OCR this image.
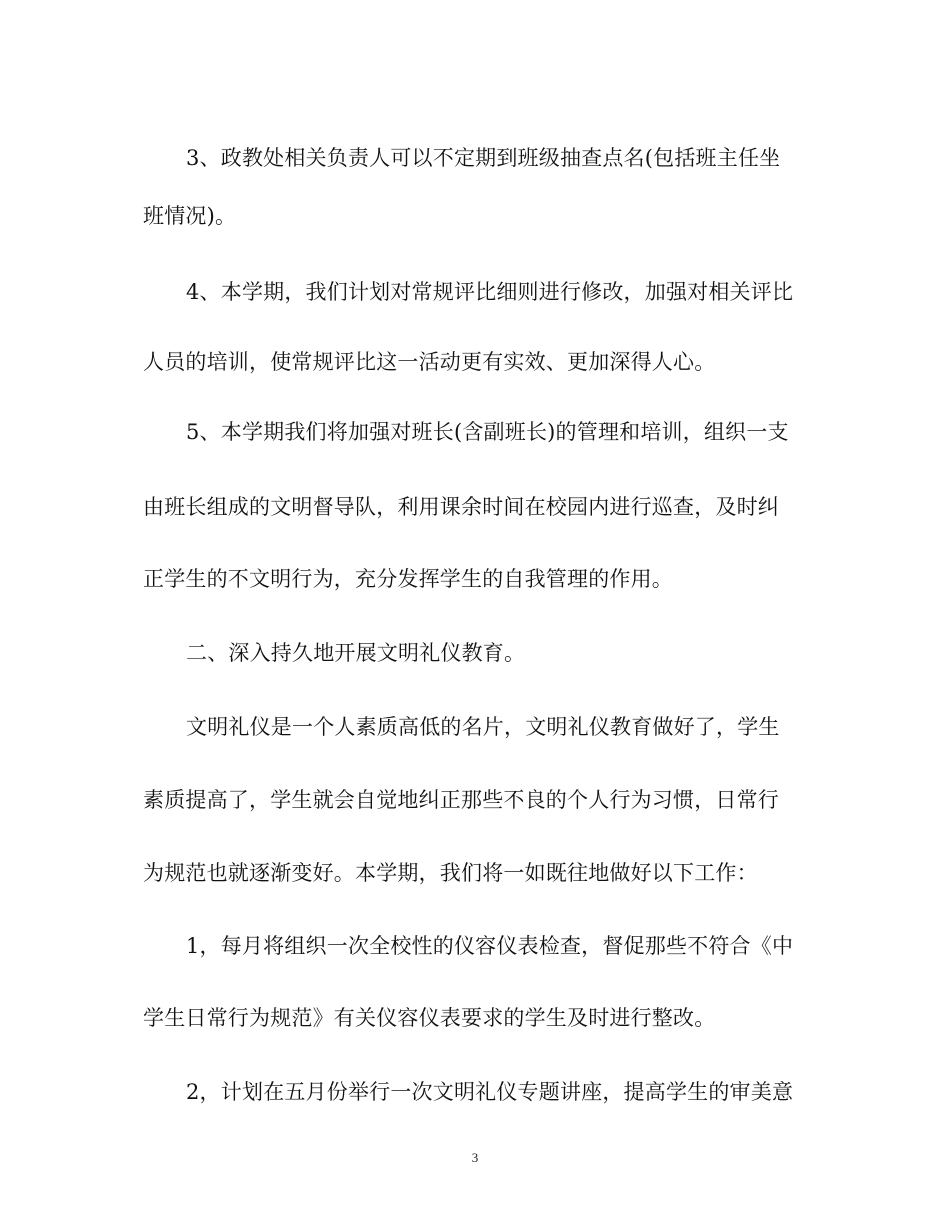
3、政教处相关负责人可以不定期到班级抽查点名(包括班主任坐
班情况)。
4、本学期，我们计划对常规评比细则进行修改，加强对相关评比
人员的培训，使常规评比这一活动更有实效、更加深得人心。
5、本学期我们将加强对班长(含副班长)的管理和培训，组织一支
由班长组成的文明督导队，利用课余时间在校园内进行巡查，及时纠
正学生的不文明行为，充分发挥学生的自我管理的作用。
二、深入持久地开展文明礼仪教育。
文明礼仪是一个人素质高低的名片，文明礼仪教育做好了，学生
素质提高了，学生就会自觉地纠正那些不良的个人行为习惯，日常行
为规范也就逐渐变好。本学期，我们将一如既往地做好以下工作：
1，每月将组织一次全校性的仪容仪表检查，督促那些不符合《中
学生日常行为规范》有关仪容仪表要求的学生及时进行整改。
2，计划在五月份举行一次文明礼仪专题讲座，提高学生的审美意
3
